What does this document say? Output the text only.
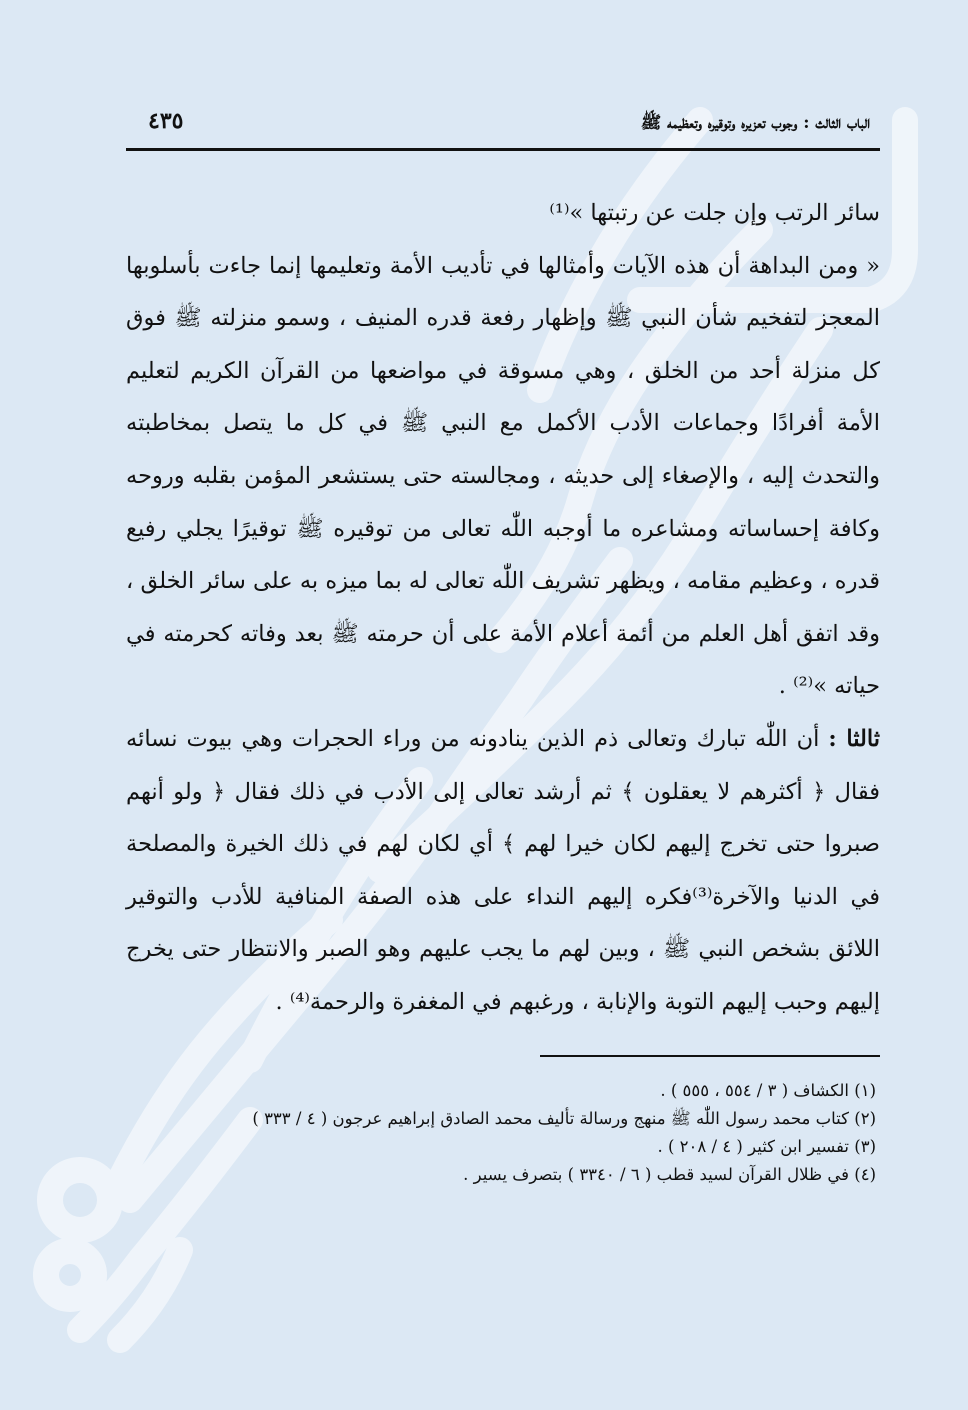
الباب الثالث : وجوب تعزيره وتوقيره وتعظيمه ﷺ
٤٣٥

سائر الرتب وإن جلت عن رتبتها »⁽¹⁾

« ومن البداهة أن هذه الآيات وأمثالها في تأديب الأمة وتعليمها إنما جاءت بأسلوبها المعجز لتفخيم شأن النبي ﷺ وإظهار رفعة قدره المنيف ، وسمو منزلته ﷺ فوق كل منزلة أحد من الخلق ، وهي مسوقة في مواضعها من القرآن الكريم لتعليم الأمة أفرادًا وجماعات الأدب الأكمل مع النبي ﷺ في كل ما يتصل بمخاطبته والتحدث إليه ، والإصغاء إلى حديثه ، ومجالسته حتى يستشعر المؤمن بقلبه وروحه وكافة إحساساته ومشاعره ما أوجبه اللّٰه تعالى من توقيره ﷺ توقيرًا يجلي رفيع قدره ، وعظيم مقامه ، ويظهر تشريف اللّٰه تعالى له بما ميزه به على سائر الخلق ، وقد اتفق أهل العلم من أئمة أعلام الأمة على أن حرمته ﷺ بعد وفاته كحرمته في حياته »⁽²⁾ .

ثالثا : أن اللّٰه تبارك وتعالى ذم الذين ينادونه من وراء الحجرات وهي بيوت نسائه فقال ﴿ أكثرهم لا يعقلون ﴾ ثم أرشد تعالى إلى الأدب في ذلك فقال ﴿ ولو أنهم صبروا حتى تخرج إليهم لكان خيرا لهم ﴾ أي لكان لهم في ذلك الخيرة والمصلحة في الدنيا والآخرة⁽³⁾فكره إليهم النداء على هذه الصفة المنافية للأدب والتوقير اللائق بشخص النبي ﷺ ، وبين لهم ما يجب عليهم وهو الصبر والانتظار حتى يخرج إليهم وحبب إليهم التوبة والإنابة ، ورغبهم في المغفرة والرحمة⁽⁴⁾ .

(١) الكشاف ( ٣ / ٥٥٤ ، ٥٥٥ ) .
(٢) كتاب محمد رسول اللّٰه ﷺ منهج ورسالة تأليف محمد الصادق إبراهيم عرجون ( ٤ / ٣٣٣ )
(٣) تفسير ابن كثير ( ٤ / ٢٠٨ ) .
(٤) في ظلال القرآن لسيد قطب ( ٦ / ٣٣٤٠ ) بتصرف يسير .
